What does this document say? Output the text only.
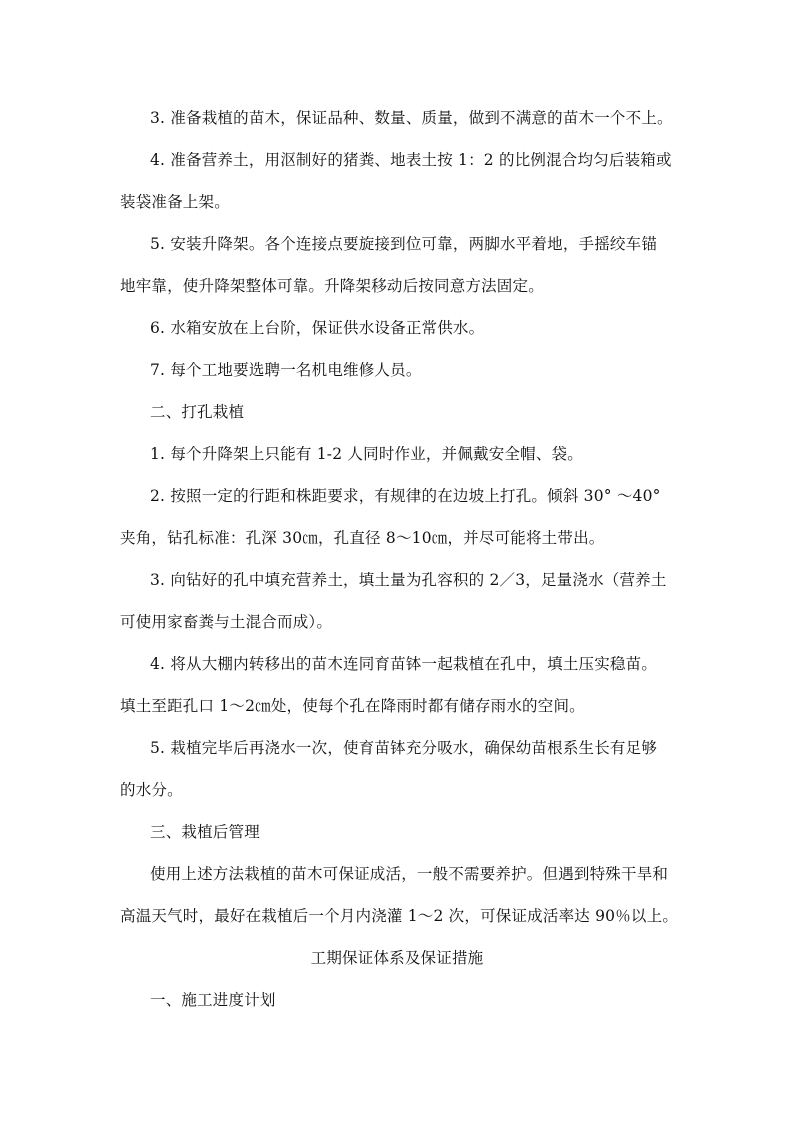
3. 准备栽植的苗木，保证品种、数量、质量，做到不满意的苗木一个不上。
4. 准备营养土，用沤制好的猪粪、地表土按 1：2 的比例混合均匀后装箱或
装袋准备上架。
5. 安装升降架。各个连接点要旋接到位可靠，两脚水平着地，手摇绞车锚
地牢靠，使升降架整体可靠。升降架移动后按同意方法固定。
6. 水箱安放在上台阶，保证供水设备正常供水。
7. 每个工地要选聘一名机电维修人员。
二、打孔栽植
1. 每个升降架上只能有 1-2 人同时作业，并佩戴安全帽、袋。
2. 按照一定的行距和株距要求，有规律的在边坡上打孔。倾斜 30° ～40°
夹角，钻孔标准：孔深 30㎝，孔直径 8～10㎝，并尽可能将土带出。
3. 向钻好的孔中填充营养土，填土量为孔容积的 2／3，足量浇水（营养土
可使用家畜粪与土混合而成）。
4. 将从大棚内转移出的苗木连同育苗钵一起栽植在孔中，填土压实稳苗。
填土至距孔口 1～2㎝处，使每个孔在降雨时都有储存雨水的空间。
5. 栽植完毕后再浇水一次，使育苗钵充分吸水，确保幼苗根系生长有足够
的水分。
三、栽植后管理
使用上述方法栽植的苗木可保证成活，一般不需要养护。但遇到特殊干旱和
高温天气时，最好在栽植后一个月内浇灌 1～2 次，可保证成活率达 90％以上。
工期保证体系及保证措施
一、施工进度计划
